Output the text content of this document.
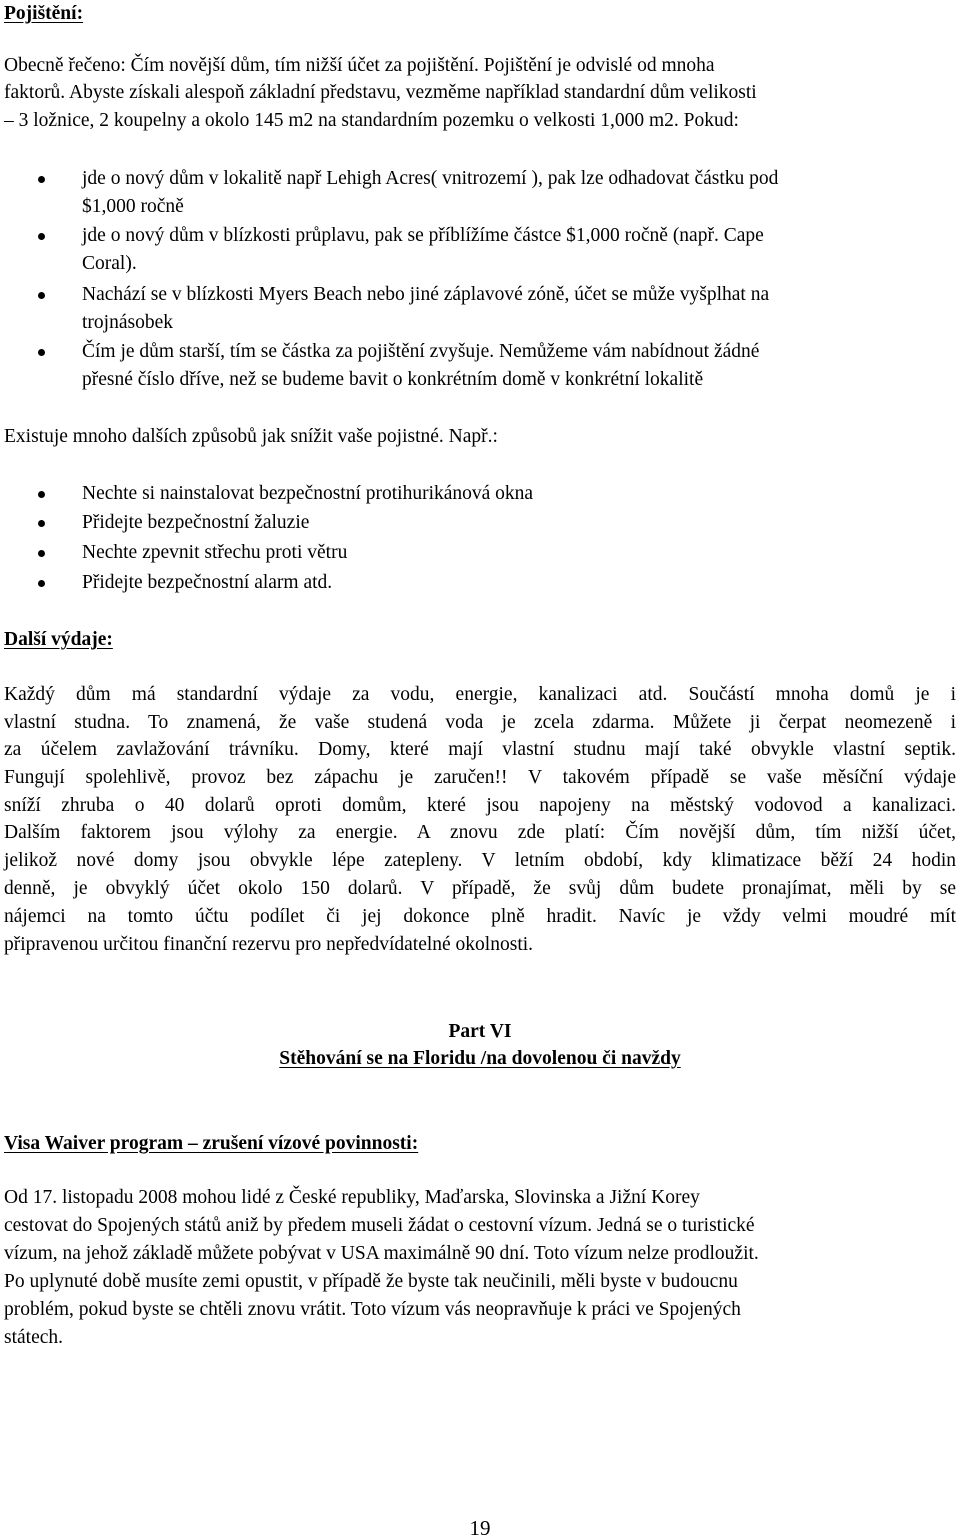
Pojištění:
Obecně řečeno: Čím novější dům, tím nižší účet za pojištění. Pojištění je odvislé od mnoha
faktorů. Abyste získali alespoň základní představu, vezměme například standardní dům velikosti
– 3 ložnice, 2 koupelny a okolo 145 m2 na standardním pozemku o velkosti 1,000 m2. Pokud:

jde o nový dům v lokalitě např Lehigh Acres( vnitrozemí ), pak lze odhadovat částku pod

$1,000 ročně

jde o nový dům v blízkosti průplavu, pak se příblížíme částce $1,000 ročně (např. Cape

Coral).

Nachází se v blízkosti Myers Beach nebo jiné záplavové zóně, účet se může vyšplhat na

trojnásobek

Čím je dům starší, tím se částka za pojištění zvyšuje. Nemůžeme vám nabídnout žádné

přesné číslo dříve, než se budeme bavit o konkrétním domě v konkrétní lokalitě

Existuje mnoho dalších způsobů jak snížit vaše pojistné. Např.:

Nechte si nainstalovat bezpečnostní protihurikánová okna

Přidejte bezpečnostní žaluzie

Nechte zpevnit střechu proti větru

Přidejte bezpečnostní alarm atd.

Další výdaje:
Každý dům má standardní výdaje za vodu, energie, kanalizaci atd. Součástí mnoha domů je i
vlastní studna. To znamená, že vaše studená voda je zcela zdarma. Můžete ji čerpat neomezeně i
za účelem zavlažování trávníku. Domy, které mají vlastní studnu mají také obvykle vlastní septik.
Fungují spolehlivě, provoz bez zápachu je zaručen!! V takovém případě se vaše měsíční výdaje
sníží zhruba o 40 dolarů oproti domům, které jsou napojeny na městský vodovod a kanalizaci.
Dalším faktorem jsou výlohy za energie. A znovu zde platí: Čím novější dům, tím nižší účet,
jelikož nové domy jsou obvykle lépe zatepleny. V letním období, kdy klimatizace běží 24 hodin
denně, je obvyklý účet okolo 150 dolarů. V případě, že svůj dům budete pronajímat, měli by se
nájemci na tomto účtu podílet či jej dokonce plně hradit. Navíc je vždy velmi moudré mít
připravenou určitou finanční rezervu pro nepředvídatelné okolnosti.
Part VI
Stěhování se na Floridu /na dovolenou či navždy
Visa Waiver program – zrušení vízové povinnosti:
Od 17. listopadu 2008 mohou lidé z České republiky, Maďarska, Slovinska a Jižní Korey
cestovat do Spojených států aniž by předem museli žádat o cestovní vízum. Jedná se o turistické
vízum, na jehož základě můžete pobývat v USA maximálně 90 dní. Toto vízum nelze prodloužit.
Po uplynuté době musíte zemi opustit, v případě že byste tak neučinili, měli byste v budoucnu
problém, pokud byste se chtěli znovu vrátit. Toto vízum vás neopravňuje k práci ve Spojených
státech.
19
